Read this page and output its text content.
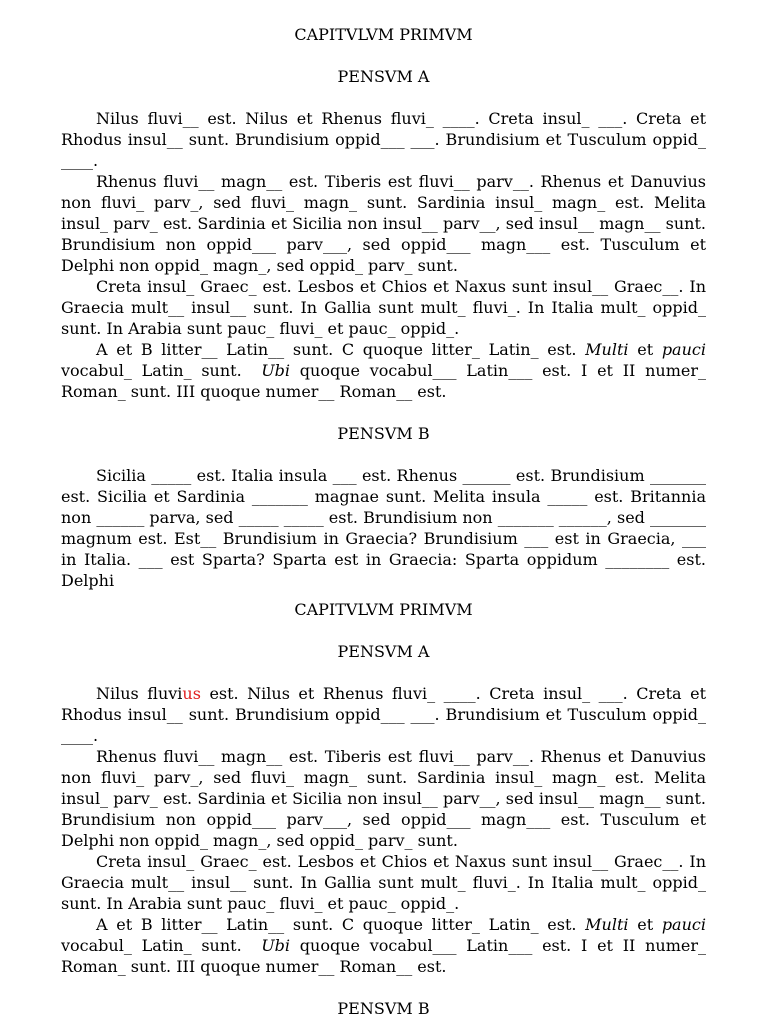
CAPITVLVM PRIMVM
PENSVM A

Nilus fluvi__ est. Nilus et Rhenus fluvi_ ____. Creta insul_ ___. Creta et Rhodus insul__ sunt. Brundisium oppid___ ___. Brundisium et Tusculum oppid_ ____.

Rhenus fluvi__ magn__ est. Tiberis est fluvi__ parv__. Rhenus et Danuvius non fluvi_ parv_, sed fluvi_ magn_ sunt. Sardinia insul_ magn_ est. Melita insul_ parv_ est. Sardinia et Sicilia non insul__ parv__, sed insul__ magn__ sunt. Brundisium non oppid___ parv___, sed oppid___ magn___ est. Tusculum et Delphi non oppid_ magn_, sed oppid_ parv_ sunt.

Creta insul_ Graec_ est. Lesbos et Chios et Naxus sunt insul__ Graec__. In Graecia mult__ insul__ sunt. In Gallia sunt mult_ fluvi_. In Italia mult_ oppid_ sunt. In Arabia sunt pauc_ fluvi_ et pauc_ oppid_.

A et B litter__ Latin__ sunt. C quoque litter_ Latin_ est. Multi et pauci vocabul_ Latin_ sunt. Ubi quoque vocabul___ Latin___ est. I et II numer_ Roman_ sunt. III quoque numer__ Roman__ est.

PENSVM B

Sicilia _____ est. Italia insula ___ est. Rhenus ______ est. Brundisium _______ est. Sicilia et Sardinia _______ magnae sunt. Melita insula _____ est. Britannia non ______ parva, sed _____ _____ est. Brundisium non _______ ______, sed _______ magnum est. Est__ Brundisium in Graecia? Brundisium ___ est in Graecia, ___ in Italia. ___ est Sparta? Sparta est in Graecia: Sparta oppidum ________ est. Delphi

CAPITVLVM PRIMVM
PENSVM A

Nilus fluvius est. Nilus et Rhenus fluvi_ ____. Creta insul_ ___. Creta et Rhodus insul__ sunt. Brundisium oppid___ ___. Brundisium et Tusculum oppid_ ____.

Rhenus fluvi__ magn__ est. Tiberis est fluvi__ parv__. Rhenus et Danuvius non fluvi_ parv_, sed fluvi_ magn_ sunt. Sardinia insul_ magn_ est. Melita insul_ parv_ est. Sardinia et Sicilia non insul__ parv__, sed insul__ magn__ sunt. Brundisium non oppid___ parv___, sed oppid___ magn___ est. Tusculum et Delphi non oppid_ magn_, sed oppid_ parv_ sunt.

Creta insul_ Graec_ est. Lesbos et Chios et Naxus sunt insul__ Graec__. In Graecia mult__ insul__ sunt. In Gallia sunt mult_ fluvi_. In Italia mult_ oppid_ sunt. In Arabia sunt pauc_ fluvi_ et pauc_ oppid_.

A et B litter__ Latin__ sunt. C quoque litter_ Latin_ est. Multi et pauci vocabul_ Latin_ sunt. Ubi quoque vocabul___ Latin___ est. I et II numer_ Roman_ sunt. III quoque numer__ Roman__ est.

PENSVM B
